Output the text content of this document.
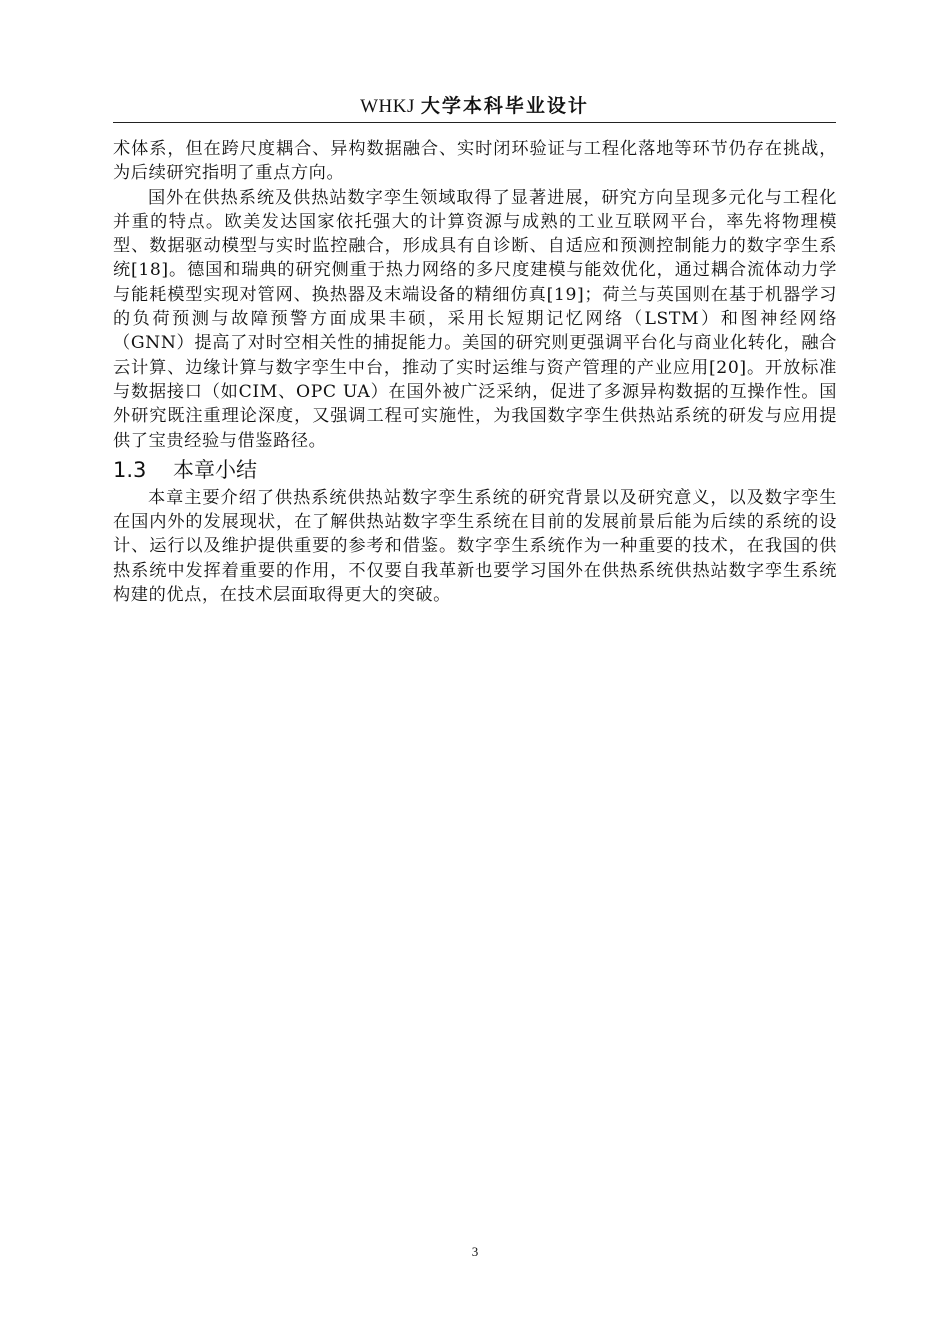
WHKJ 大学本科毕业设计

术体系，但在跨尺度耦合、异构数据融合、实时闭环验证与工程化落地等环节仍存在挑战，为后续研究指明了重点方向。

国外在供热系统及供热站数字孪生领域取得了显著进展，研究方向呈现多元化与工程化并重的特点。欧美发达国家依托强大的计算资源与成熟的工业互联网平台，率先将物理模型、数据驱动模型与实时监控融合，形成具有自诊断、自适应和预测控制能力的数字孪生系统[18]。德国和瑞典的研究侧重于热力网络的多尺度建模与能效优化，通过耦合流体动力学与能耗模型实现对管网、换热器及末端设备的精细仿真[19]；荷兰与英国则在基于机器学习的负荷预测与故障预警方面成果丰硕，采用长短期记忆网络（LSTM）和图神经网络（GNN）提高了对时空相关性的捕捉能力。美国的研究则更强调平台化与商业化转化，融合云计算、边缘计算与数字孪生中台，推动了实时运维与资产管理的产业应用[20]。开放标准与数据接口（如CIM、OPC UA）在国外被广泛采纳，促进了多源异构数据的互操作性。国外研究既注重理论深度，又强调工程可实施性，为我国数字孪生供热站系统的研发与应用提供了宝贵经验与借鉴路径。

1.3 本章小结

本章主要介绍了供热系统供热站数字孪生系统的研究背景以及研究意义，以及数字孪生在国内外的发展现状，在了解供热站数字孪生系统在目前的发展前景后能为后续的系统的设计、运行以及维护提供重要的参考和借鉴。数字孪生系统作为一种重要的技术，在我国的供热系统中发挥着重要的作用，不仅要自我革新也要学习国外在供热系统供热站数字孪生系统构建的优点，在技术层面取得更大的突破。

3
